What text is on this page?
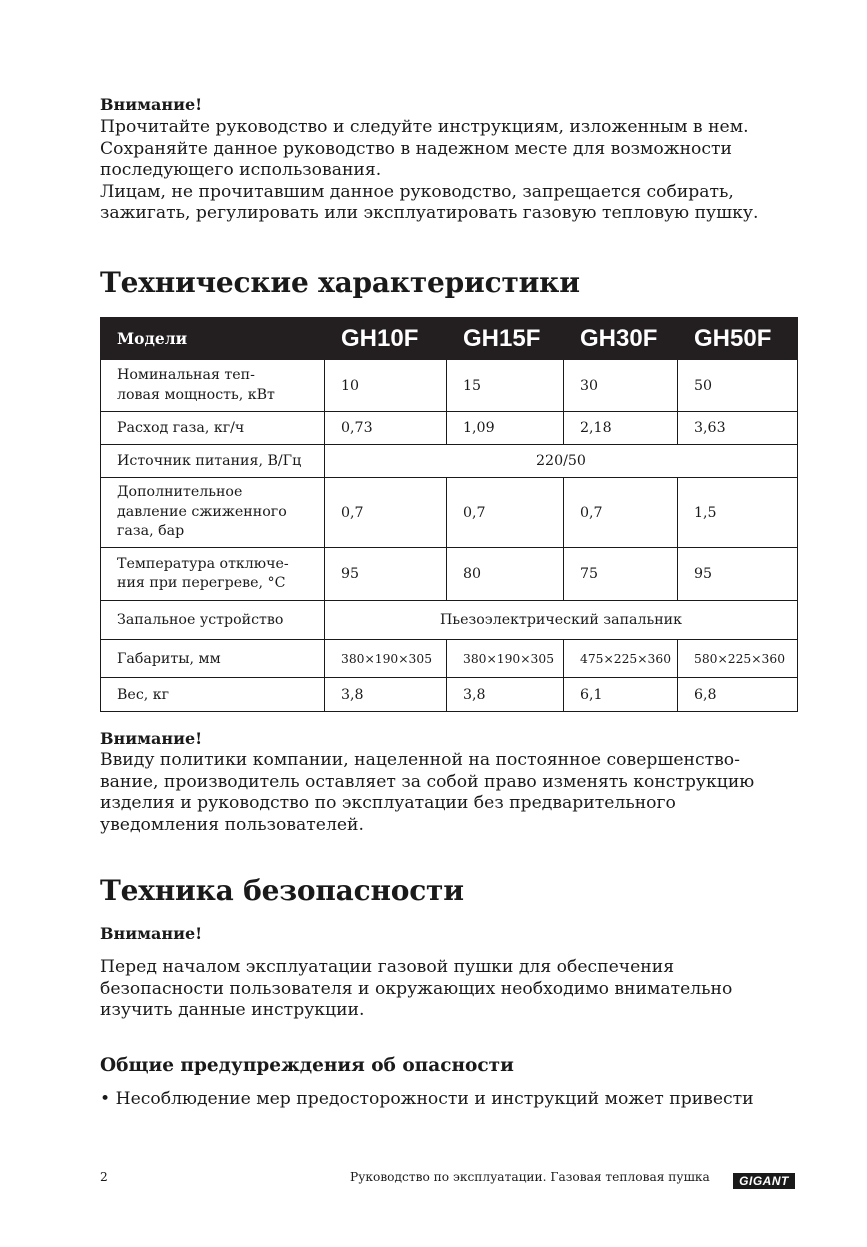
Внимание!
Прочитайте руководство и следуйте инструкциям, изложенным в нем.
Сохраняйте данное руководство в надежном месте для возможности
последующего использования.
Лицам, не прочитавшим данное руководство, запрещается собирать,
зажигать, регулировать или эксплуатировать газовую тепловую пушку.
Технические характеристики
Модели	GH10F	GH15F	GH30F	GH50F

Номинальная теп-
ловая мощность, кВт	10	15	30	50
Расход газа, кг/ч	0,73	1,09	2,18	3,63
Источник питания, В/Гц	220/50			

Дополнительное
давление сжиженного
газа, бар	0,7	0,7	0,7	1,5

Температура отключе-
ния при перегреве, °C	95	80	75	95
Запальное устройство	Пьезоэлектрический запальник			
Габариты, мм	380×190×305	380×190×305	475×225×360	580×225×360
Вес, кг	3,8	3,8	6,1	6,8
Внимание!
Ввиду политики компании, нацеленной на постоянное совершенство-
вание, производитель оставляет за собой право изменять конструкцию
изделия и руководство по эксплуатации без предварительного
уведомления пользователей.
Техника безопасности
Внимание!
Перед началом эксплуатации газовой пушки для обеспечения
безопасности пользователя и окружающих необходимо внимательно
изучить данные инструкции.
Общие предупреждения об опасности
• Несоблюдение мер предосторожности и инструкций может привести
2	Руководство по эксплуатации. Газовая тепловая пушка	GIGANT
